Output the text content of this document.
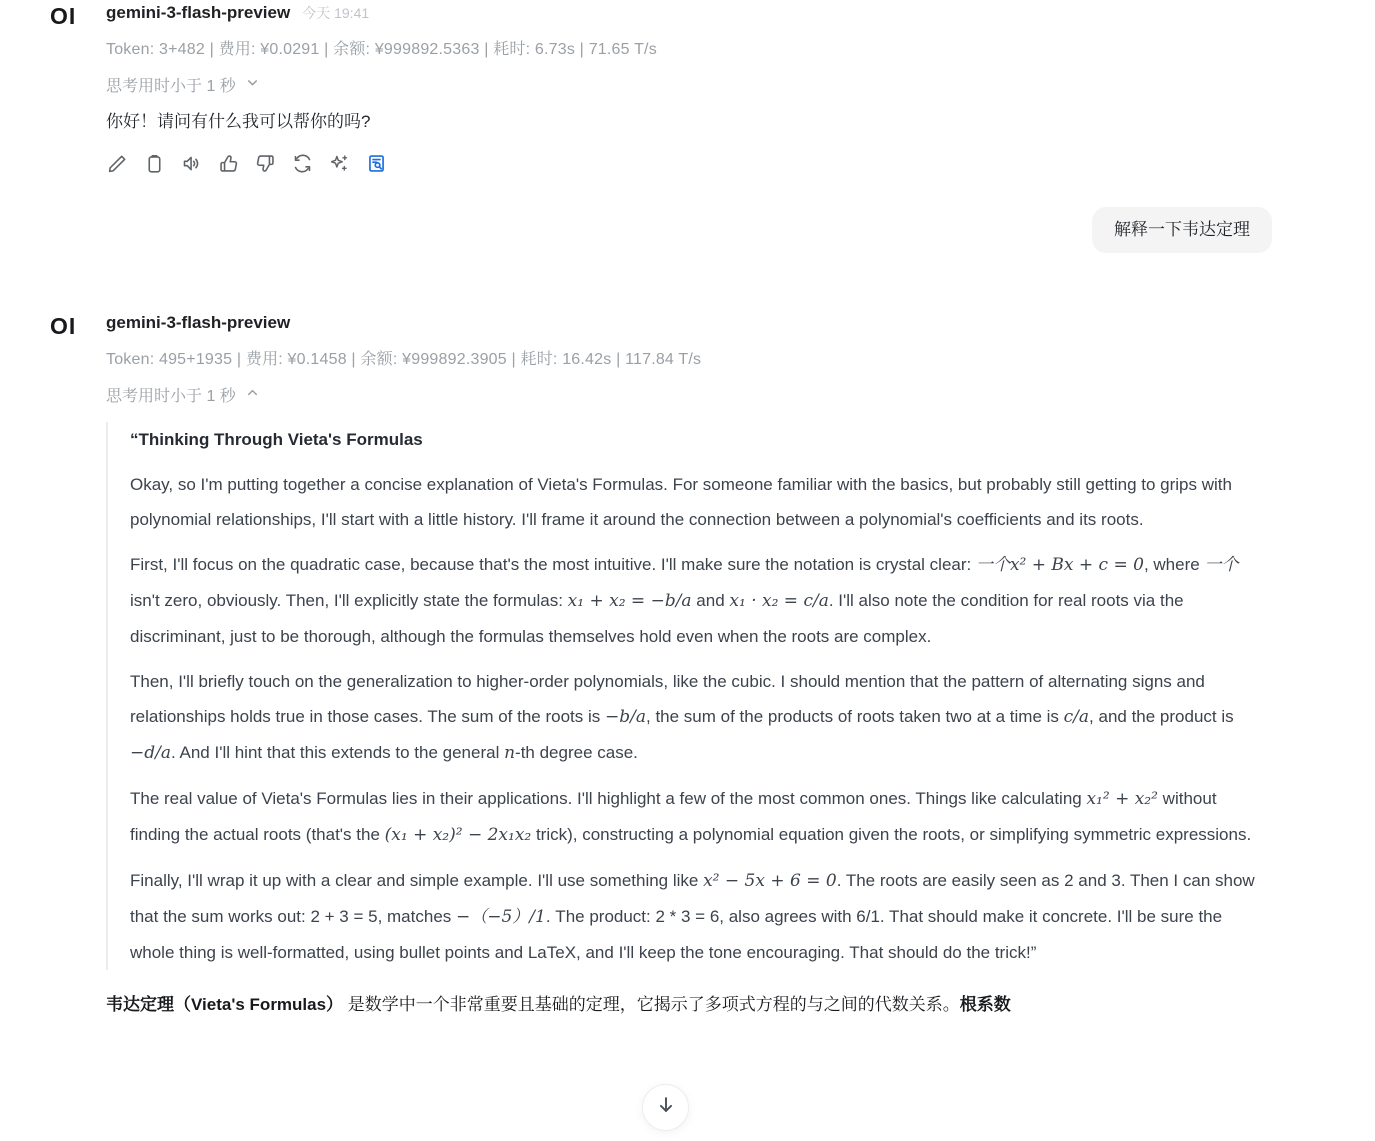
OI gemini-3-flash-preview 今天 19:41
Token: 3+482 | 费用: ¥0.0291 | 余额: ¥999892.5363 | 耗时: 6.73s | 71.65 T/s
思考用时小于 1 秒
你好！请问有什么我可以帮你的吗?
解释一下韦达定理
OI gemini-3-flash-preview
Token: 495+1935 | 费用: ¥0.1458 | 余额: ¥999892.3905 | 耗时: 16.42s | 117.84 T/s
思考用时小于 1 秒
“Thinking Through Vieta's Formulas

Okay, so I'm putting together a concise explanation of Vieta's Formulas. For someone familiar with the basics, but probably still getting to grips with polynomial relationships, I'll start with a little history. I'll frame it around the connection between a polynomial's coefficients and its roots.

First, I'll focus on the quadratic case, because that's the most intuitive. I'll make sure the notation is crystal clear: 一个x² + Bx + c = 0, where 一个 isn't zero, obviously. Then, I'll explicitly state the formulas: x₁ + x₂ = −b/a and x₁ · x₂ = c/a. I'll also note the condition for real roots via the discriminant, just to be thorough, although the formulas themselves hold even when the roots are complex.

Then, I'll briefly touch on the generalization to higher-order polynomials, like the cubic. I should mention that the pattern of alternating signs and relationships holds true in those cases. The sum of the roots is −b/a, the sum of the products of roots taken two at a time is c/a, and the product is −d/a. And I'll hint that this extends to the general n-th degree case.

The real value of Vieta's Formulas lies in their applications. I'll highlight a few of the most common ones. Things like calculating x₁² + x₂² without finding the actual roots (that's the (x₁ + x₂)² − 2x₁x₂ trick), constructing a polynomial equation given the roots, or simplifying symmetric expressions.

Finally, I'll wrap it up with a clear and simple example. I'll use something like x² − 5x + 6 = 0. The roots are easily seen as 2 and 3. Then I can show that the sum works out: 2 + 3 = 5, matches −（−5）/1. The product: 2 * 3 = 6, also agrees with 6/1. That should make it concrete. I'll be sure the whole thing is well-formatted, using bullet points and LaTeX, and I'll keep the tone encouraging. That should do the trick!”

韦达定理（Vieta's Formulas） 是数学中一个非常重要且基础的定理，它揭示了多项式方程的与之间的代数关系。根系数
